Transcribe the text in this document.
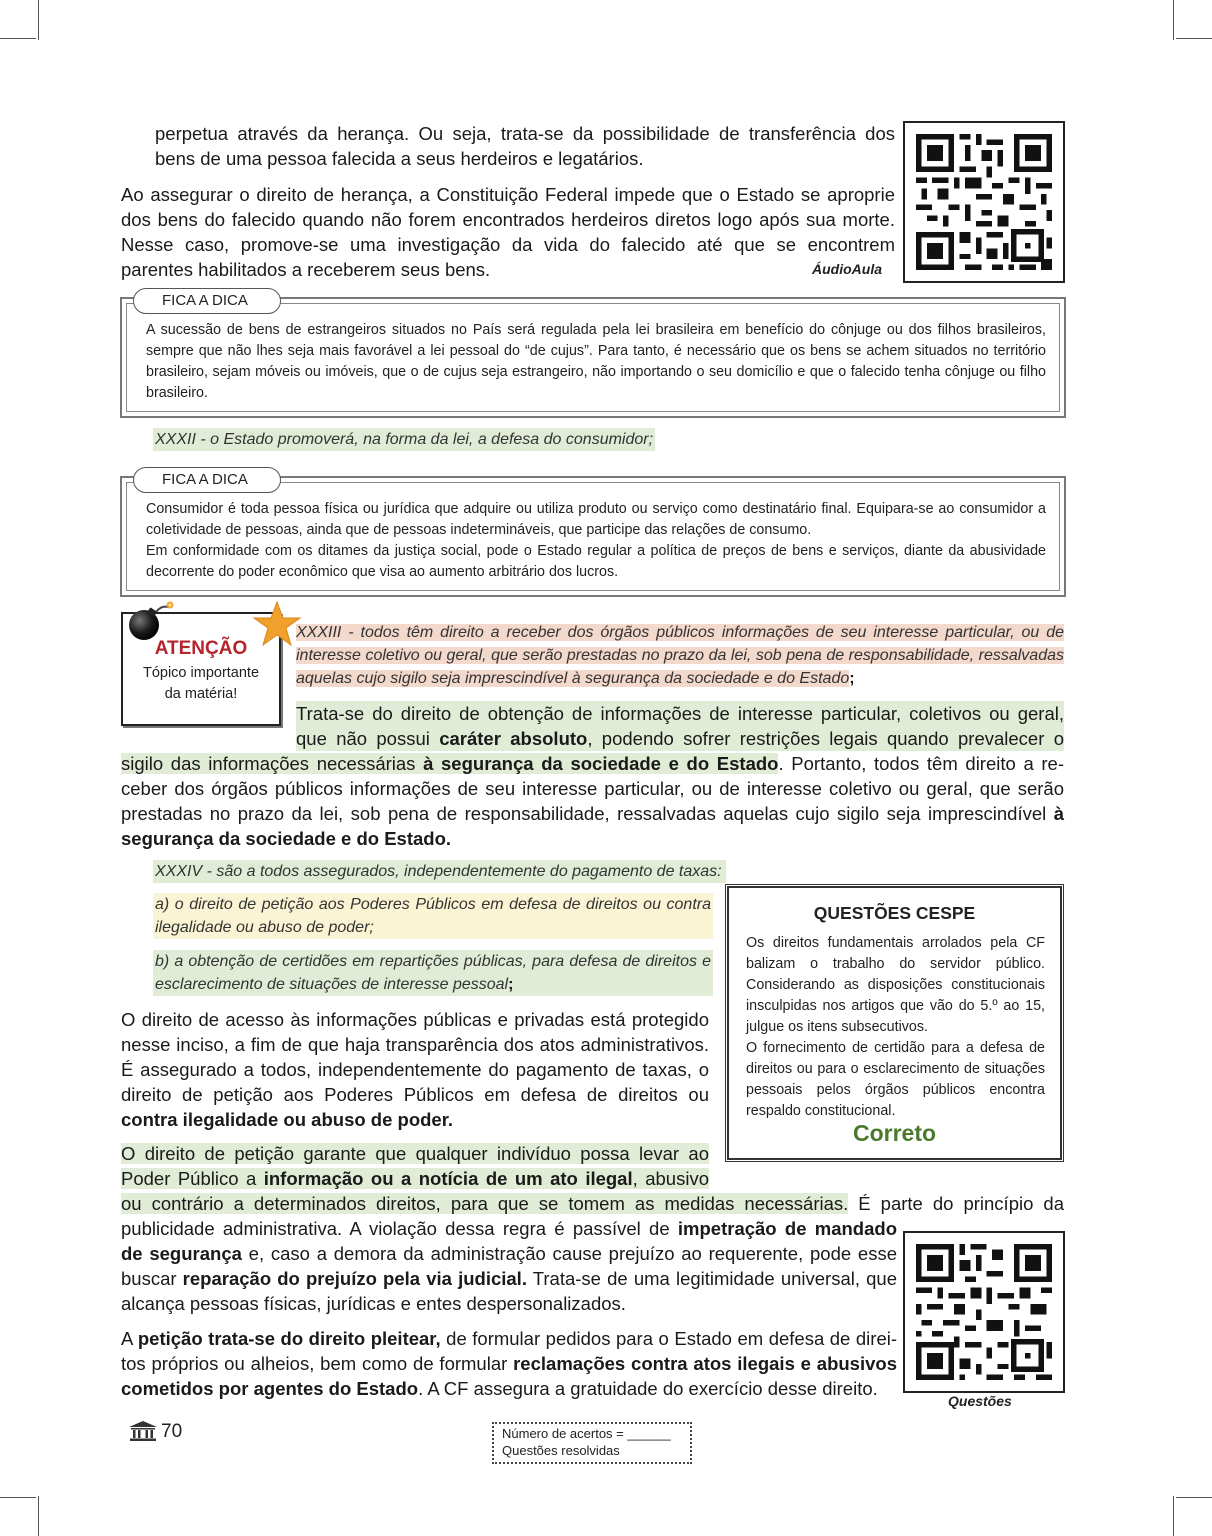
perpetua através da herança. Ou seja, trata-se da possibilidade de transferência dos
bens de uma pessoa falecida a seus herdeiros e legatários.
Ao assegurar o direito de herança, a Constituição Federal impede que o Estado se aproprie dos bens do falecido quando não forem encontrados herdeiros diretos logo após sua morte. Nesse caso, promove-se uma investigação da vida do falecido até que se encontrem parentes habilitados a receberem seus bens.	ÁudioAula
FICA A DICA
A sucessão de bens de estrangeiros situados no País será regulada pela lei brasileira em benefício do cônjuge ou dos filhos brasileiros, sempre que não lhes seja mais favorável a lei pessoal do “de cujus”. Para tanto, é necessário que os bens se achem situados no território brasileiro, sejam móveis ou imóveis, que o de cujus seja estrangeiro, não importando o seu domicílio e que o falecido tenha cônjuge ou filho brasileiro.
XXXII - o Estado promoverá, na forma da lei, a defesa do consumidor;
FICA A DICA
Consumidor é toda pessoa física ou jurídica que adquire ou utiliza produto ou serviço como destinatário final. Equipara-se ao consumidor a coletividade de pessoas, ainda que de pessoas indetermináveis, que participe das relações de consumo.
Em conformidade com os ditames da justiça social, pode o Estado regular a política de preços de bens e serviços, diante da abusividade decorrente do poder econômico que visa ao aumento arbitrário dos lucros.
ATENÇÃO
Tópico importante
da matéria!
XXXIII - todos têm direito a receber dos órgãos públicos informações de seu interesse particular, ou de interesse coletivo ou geral, que serão prestadas no prazo da lei, sob pena de responsabilidade, ressalvadas aquelas cujo sigilo seja imprescindível à segurança da sociedade e do Estado;
Trata-se do direito de obtenção de informações de interesse particular, coletivos ou geral,
que não possui caráter absoluto, podendo sofrer restrições legais quando prevalecer o
sigilo das informações necessárias à segurança da sociedade e do Estado. Portanto, todos têm direito a re-
ceber dos órgãos públicos informações de seu interesse particular, ou de interesse coletivo ou geral, que serão
prestadas no prazo da lei, sob pena de responsabilidade, ressalvadas aquelas cujo sigilo seja imprescindível à
segurança da sociedade e do Estado.
XXXIV - são a todos assegurados, independentemente do pagamento de taxas:
a) o direito de petição aos Poderes Públicos em defesa de direitos ou contra ilegalidade ou abuso de poder;
b) a obtenção de certidões em repartições públicas, para defesa de direitos e esclarecimento de situações de interesse pessoal;
O direito de acesso às informações públicas e privadas está protegido nesse inciso, a fim de que haja transparência dos atos administrativos. É assegurado a todos, independentemente do pagamento de taxas, o direito de petição aos Poderes Públicos em defesa de direitos ou contra ilegalidade ou abuso de poder.
QUESTÕES CESPE
Os direitos fundamentais arrolados pela CF balizam o trabalho do servidor público. Considerando as disposições constitucionais insculpidas nos artigos que vão do 5.º ao 15, julgue os itens subsecutivos.
O fornecimento de certidão para a defesa de direitos ou para o esclarecimento de situações pessoais pelos órgãos públicos encontra respaldo constitucional.
Correto
O direito de petição garante que qualquer indivíduo possa levar ao
Poder Público a informação ou a notícia de um ato ilegal, abusivo
ou contrário a determinados direitos, para que se tomem as medidas necessárias. É parte do princípio da
publicidade administrativa. A violação dessa regra é passível de impetração de mandado
de segurança e, caso a demora da administração cause prejuízo ao requerente, pode esse
buscar reparação do prejuízo pela via judicial. Trata-se de uma legitimidade universal, que
alcança pessoas físicas, jurídicas e entes despersonalizados.
A petição trata-se do direito pleitear, de formular pedidos para o Estado em defesa de direi-
tos próprios ou alheios, bem como de formular reclamações contra atos ilegais e abusivos
cometidos por agentes do Estado. A CF assegura a gratuidade do exercício desse direito.
Questões
70	Número de acertos = ______
Questões resolvidas
